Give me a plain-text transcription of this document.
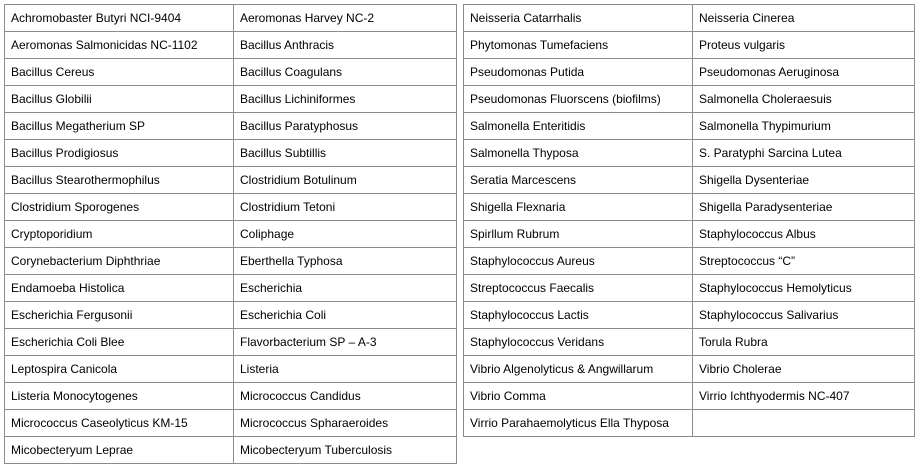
Achromobaster Butyri NCI-9404	Aeromonas Harvey NC-2
Aeromonas Salmonicidas NC-1102	Bacillus Anthracis
Bacillus Cereus	Bacillus Coagulans
Bacillus Globilii	Bacillus Lichiniformes
Bacillus Megatherium SP	Bacillus Paratyphosus
Bacillus Prodigiosus	Bacillus Subtillis
Bacillus Stearothermophilus	Clostridium Botulinum
Clostridium Sporogenes	Clostridium Tetoni
Cryptoporidium	Coliphage
Corynebacterium Diphthriae	Eberthella Typhosa
Endamoeba Histolica	Escherichia
Escherichia Fergusonii	Escherichia Coli
Escherichia Coli Blee	Flavorbacterium SP – A-3
Leptospira Canicola	Listeria
Listeria Monocytogenes	Micrococcus Candidus
Micrococcus Caseolyticus KM-15	Micrococcus Spharaeroides
Micobecteryum Leprae	Micobecteryum Tuberculosis
Neisseria Catarrhalis	Neisseria Cinerea
Phytomonas Tumefaciens	Proteus vulgaris
Pseudomonas Putida	Pseudomonas Aeruginosa
Pseudomonas Fluorscens (biofilms)	Salmonella Choleraesuis
Salmonella Enteritidis	Salmonella Thypimurium
Salmonella Thyposa	S. Paratyphi Sarcina Lutea
Seratia Marcescens	Shigella Dysenteriae
Shigella Flexnaria	Shigella Paradysenteriae
Spirllum Rubrum	Staphylococcus Albus
Staphylococcus Aureus	Streptococcus “C”
Streptococcus Faecalis	Staphylococcus Hemolyticus
Staphylococcus Lactis	Staphylococcus Salivarius
Staphylococcus Veridans	Torula Rubra
Vibrio Algenolyticus & Angwillarum	Vibrio Cholerae
Vibrio Comma	Virrio Ichthyodermis NC-407
Virrio Parahaemolyticus Ella Thyposa	
